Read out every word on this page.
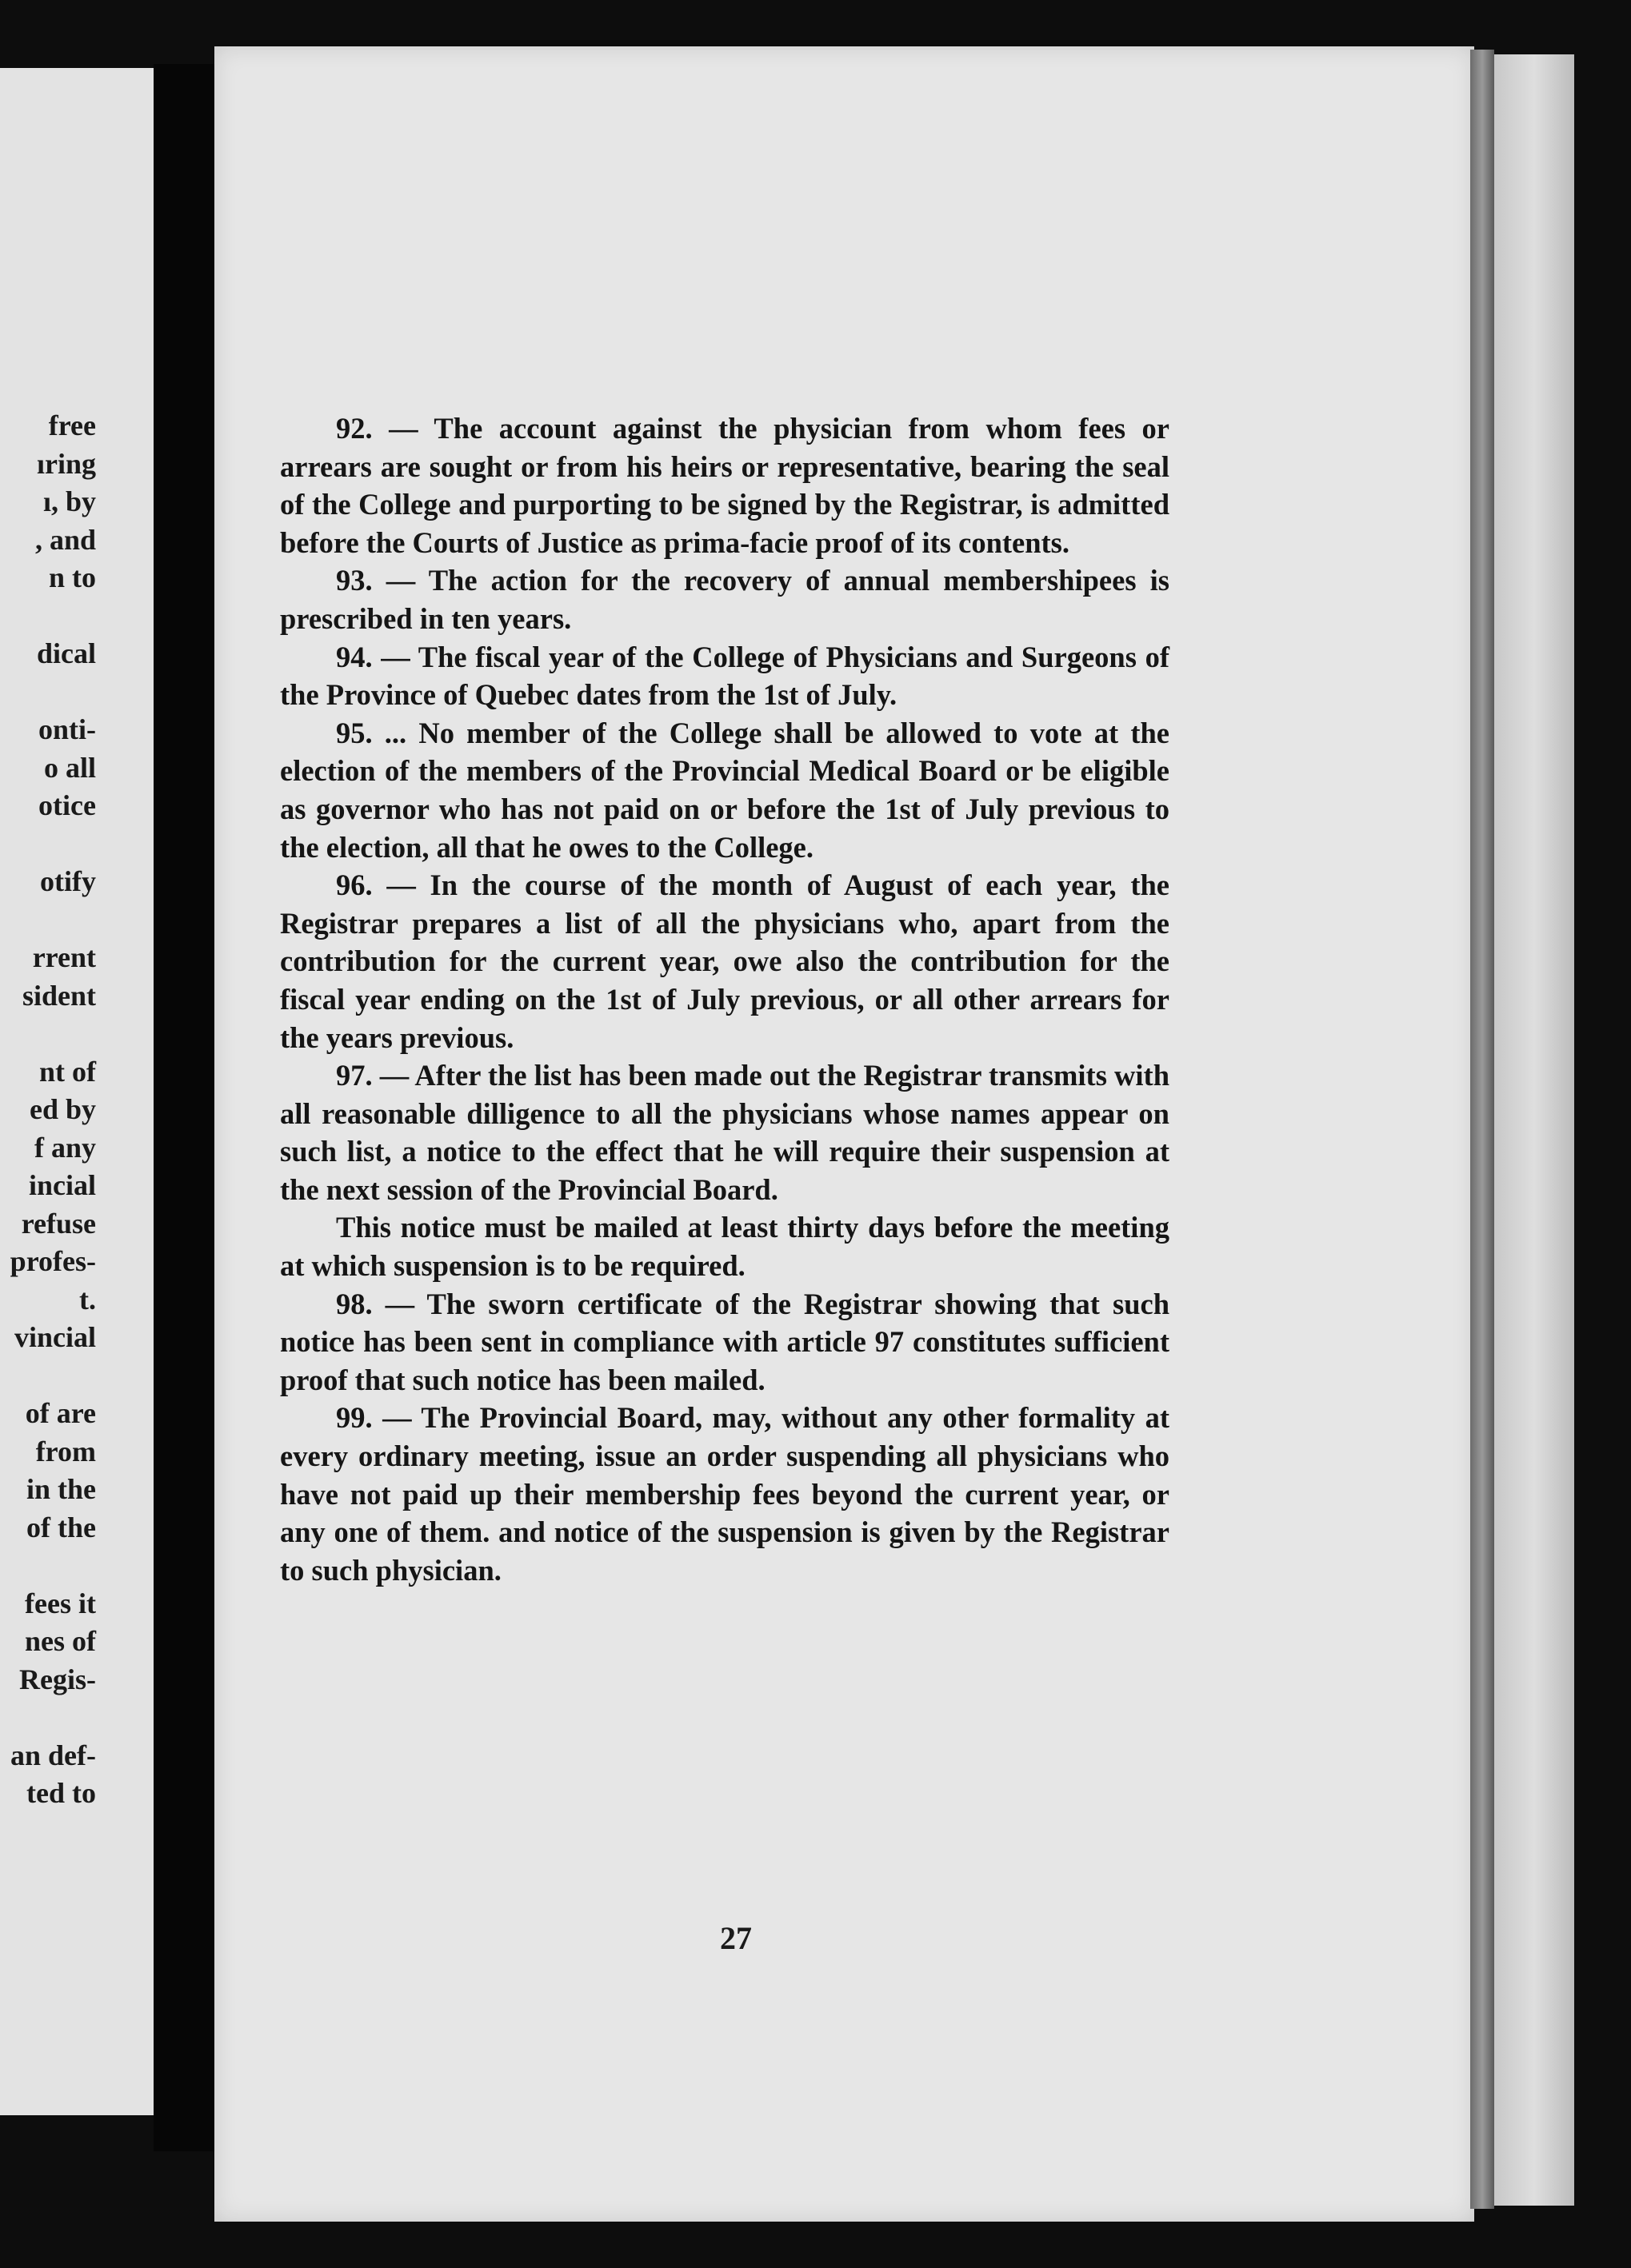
free
ıring
ı, by
, and
n to
dical
onti-
o all
otice
otify
rrent
sident
nt of
ed by
f any
incial
refuse
profes-
t.
vincial
of are
from
in the
of the
fees it
nes of
Regis-
an def-
ted to

92. — The account against the physician from whom fees or arrears are sought or from his heirs or representative, bearing the seal of the College and purporting to be signed by the Registrar, is admitted before the Courts of Justice as prima-facie proof of its contents.

93. — The action for the recovery of annual membershipees is prescribed in ten years.

94. — The fiscal year of the College of Physicians and Surgeons of the Province of Quebec dates from the 1st of July.

95. ... No member of the College shall be allowed to vote at the election of the members of the Provincial Medical Board or be eligible as governor who has not paid on or before the 1st of July previous to the election, all that he owes to the College.

96. — In the course of the month of August of each year, the Registrar prepares a list of all the physicians who, apart from the contribution for the current year, owe also the contribution for the fiscal year ending on the 1st of July previous, or all other arrears for the years previous.

97. — After the list has been made out the Registrar transmits with all reasonable dilligence to all the physicians whose names appear on such list, a notice to the effect that he will require their suspension at the next session of the Provincial Board.

This notice must be mailed at least thirty days before the meeting at which suspension is to be required.

98. — The sworn certificate of the Registrar showing that such notice has been sent in compliance with article 97 constitutes sufficient proof that such notice has been mailed.

99. — The Provincial Board, may, without any other formality at every ordinary meeting, issue an order suspending all physicians who have not paid up their membership fees beyond the current year, or any one of them. and notice of the suspension is given by the Registrar to such physician.

27
